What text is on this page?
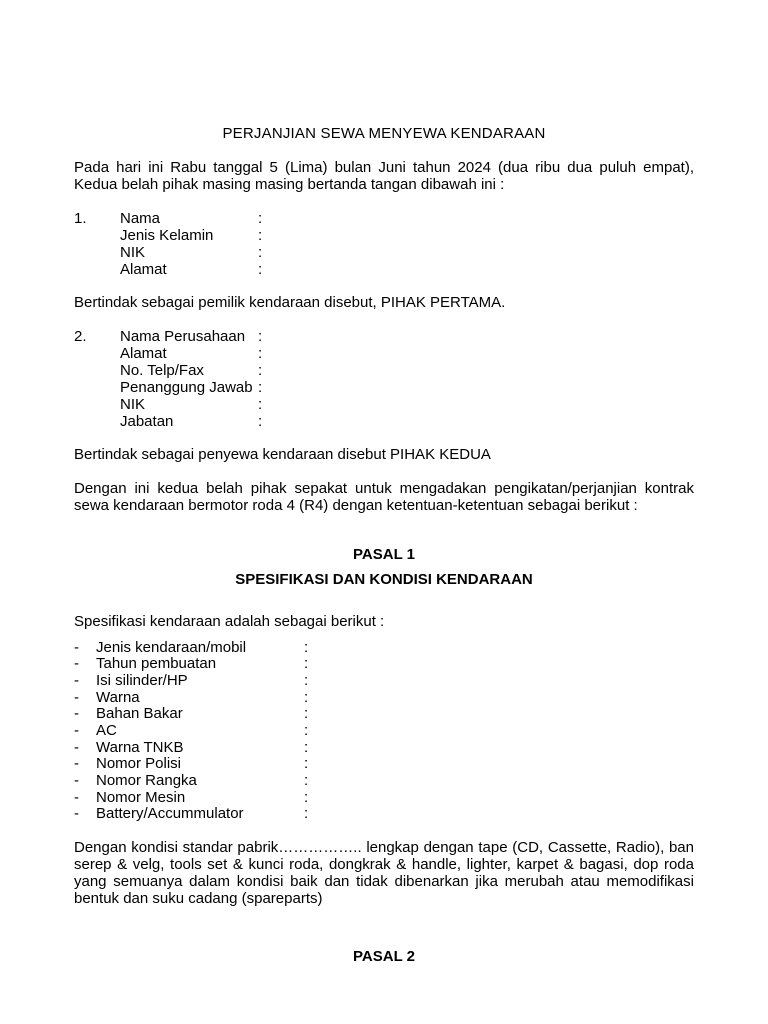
PERJANJIAN SEWA MENYEWA KENDARAAN
Pada hari ini Rabu tanggal 5 (Lima) bulan Juni tahun 2024 (dua ribu dua puluh empat), Kedua belah pihak masing masing bertanda tangan dibawah ini :
1. Nama	:
Jenis Kelamin	:
NIK	:
Alamat	:
Bertindak sebagai pemilik kendaraan disebut, PIHAK PERTAMA.
2. Nama Perusahaan :
Alamat	:
No. Telp/Fax	:
Penanggung Jawab :
NIK	:
Jabatan	:
Bertindak sebagai penyewa kendaraan disebut PIHAK KEDUA
Dengan ini kedua belah pihak sepakat untuk mengadakan pengikatan/perjanjian kontrak sewa kendaraan bermotor roda 4 (R4) dengan ketentuan-ketentuan sebagai berikut :
PASAL 1
SPESIFIKASI DAN KONDISI KENDARAAN
Spesifikasi kendaraan adalah sebagai berikut :
- Jenis kendaraan/mobil	:
- Tahun pembuatan	:
- Isi silinder/HP	:
- Warna	:
- Bahan Bakar	:
- AC	:
- Warna TNKB	:
- Nomor Polisi	:
- Nomor Rangka	:
- Nomor Mesin	:
- Battery/Accummulator	:
Dengan kondisi standar pabrik…………….. lengkap dengan tape (CD, Cassette, Radio), ban serep & velg, tools set & kunci roda, dongkrak & handle, lighter, karpet & bagasi, dop roda yang semuanya dalam kondisi baik dan tidak dibenarkan jika merubah atau memodifikasi bentuk dan suku cadang (spareparts)
PASAL 2
